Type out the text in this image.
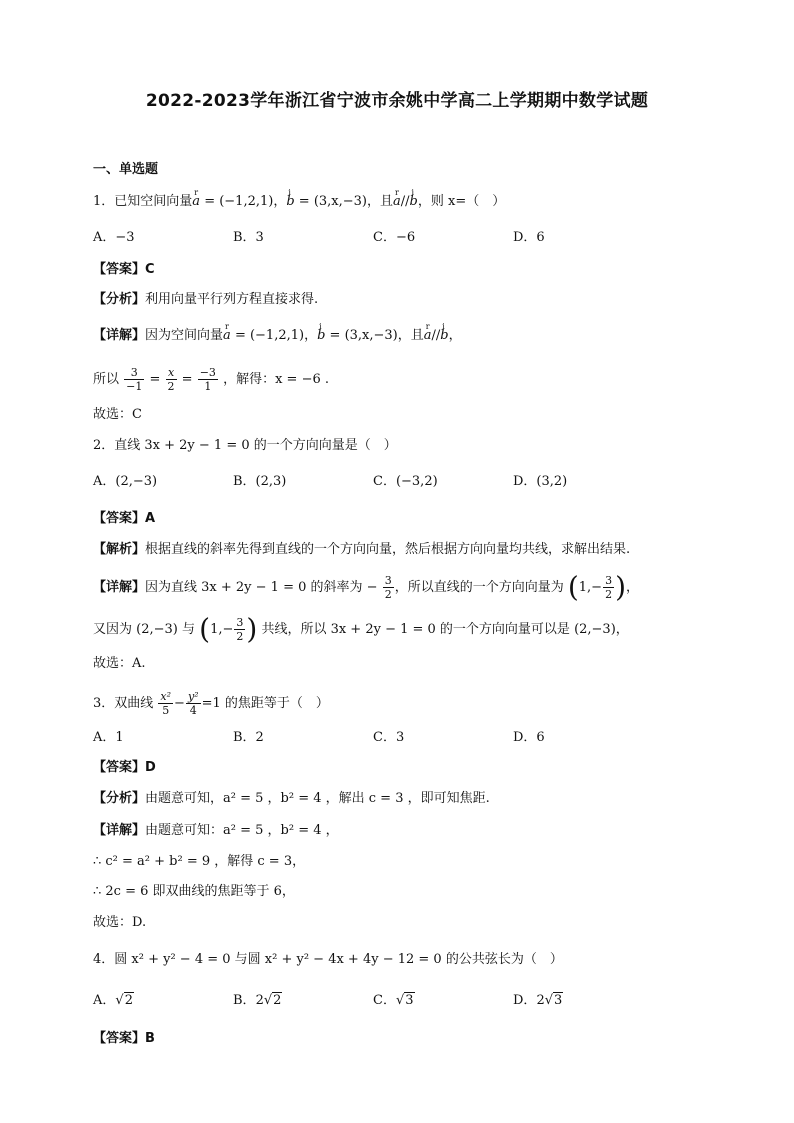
2022-2023学年浙江省宁波市余姚中学高二上学期期中数学试题
一、单选题
1．已知空间向量r a = (−1,2,1)，i b = (3,x,−3)，且r a//i b，则 x=（　）
A．−3	B．3	C．−6	D．6
【答案】C
【分析】利用向量平行列方程直接求得.
【详解】因为空间向量r a = (−1,2,1)，i b = (3,x,−3)，且r a//i b，
所以 $\frac{3}{-1} = \frac{x}{2} = \frac{-3}{1}$ ，解得：x = −6 .
故选：C
2．直线 3x + 2y − 1 = 0 的一个方向向量是（　）
A．(2,−3)	B．(2,3)	C．(−3,2)	D．(3,2)
【答案】A
【解析】根据直线的斜率先得到直线的一个方向向量，然后根据方向向量均共线，求解出结果.
【详解】因为直线 3x + 2y − 1 = 0 的斜率为 − $\frac{3}{2}$ ，所以直线的一个方向向量为 ($1,- \frac{3}{2}$ )，
又因为 (2,−3) 与 ($1,- \frac{3}{2}$ ) 共线，所以 3x + 2y − 1 = 0 的一个方向向量可以是 (2,−3)，
故选：A.
3．双曲线 $\frac{\text{x²}}{5} - \frac{\text{y²}}{4} =1$ 的焦距等于（　）
A．1	B．2	C．3	D．6
【答案】D
【分析】由题意可知，a² = 5 ，b² = 4 ，解出 c = 3 ，即可知焦距.
【详解】由题意可知：a² = 5 ，b² = 4 ，
∴ c² = a² + b² = 9 ，解得 c = 3，
∴ 2c = 6 即双曲线的焦距等于 6，
故选：D.
4．圆 x² + y² − 4 = 0 与圆 x² + y² − 4x + 4y − 12 = 0 的公共弦长为（　）
A．√2	B．2√2	C．√3	D．2√3
【答案】B
